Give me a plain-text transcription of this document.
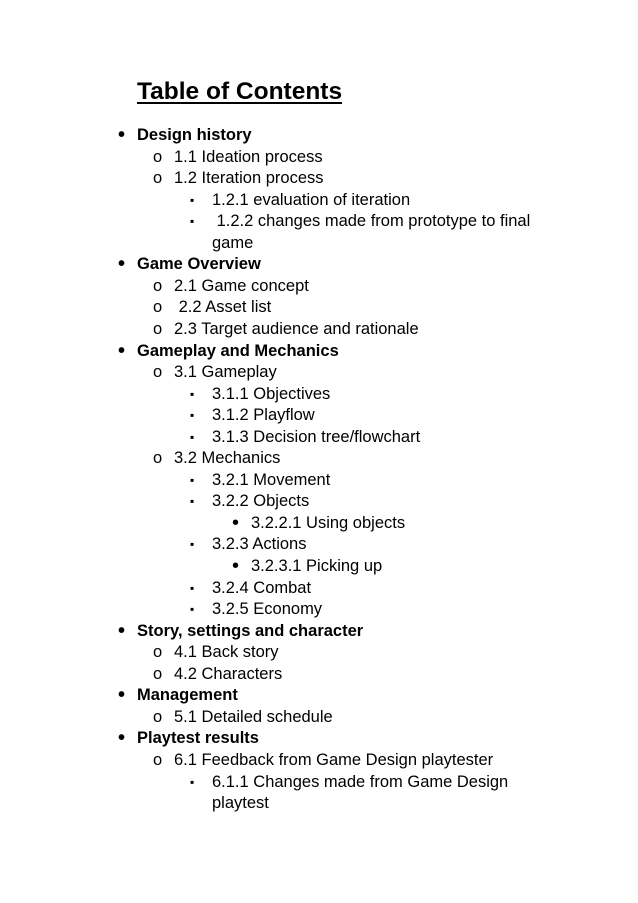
Table of Contents
• Design history
o 1.1 Ideation process
o 1.2 Iteration process
▪ 1.2.1 evaluation of iteration
▪ 1.2.2 changes made from prototype to final
game
• Game Overview
o 2.1 Game concept
o 2.2 Asset list
o 2.3 Target audience and rationale
• Gameplay and Mechanics
o 3.1 Gameplay
▪ 3.1.1 Objectives
▪ 3.1.2 Playflow
▪ 3.1.3 Decision tree/flowchart
o 3.2 Mechanics
▪ 3.2.1 Movement
▪ 3.2.2 Objects
• 3.2.2.1 Using objects
▪ 3.2.3 Actions
• 3.2.3.1 Picking up
▪ 3.2.4 Combat
▪ 3.2.5 Economy
• Story, settings and character
o 4.1 Back story
o 4.2 Characters
• Management
o 5.1 Detailed schedule
• Playtest results
o 6.1 Feedback from Game Design playtester
▪ 6.1.1 Changes made from Game Design
playtest
